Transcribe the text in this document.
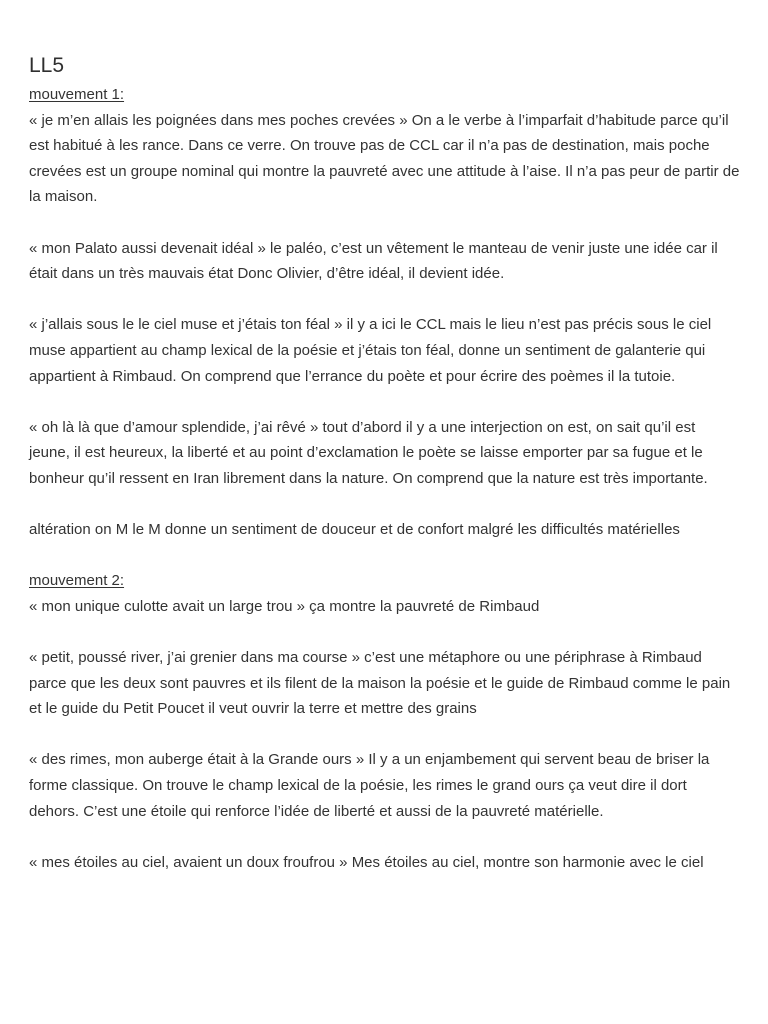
LL5

mouvement 1:

« je m’en allais les poignées dans mes poches crevées » On a le verbe à l’imparfait d’habitude parce qu’il est habitué à les rance. Dans ce verre. On trouve pas de CCL car il n’a pas de destination, mais poche crevées est un groupe nominal qui montre la pauvreté avec une attitude à l’aise. Il n’a pas peur de partir de la maison.

« mon Palato aussi devenait idéal » le paléo, c’est un vêtement le manteau de venir juste une idée car il était dans un très mauvais état Donc Olivier, d’être idéal, il devient idée.

« j’allais sous le le ciel muse et j’étais ton féal » il y a ici le CCL mais le lieu n’est pas précis sous le ciel muse appartient au champ lexical de la poésie et j’étais ton féal, donne un sentiment de galanterie qui appartient à Rimbaud. On comprend que l’errance du poète et pour écrire des poèmes il la tutoie.

« oh là là que d’amour splendide, j’ai rêvé » tout d’abord il y a une interjection on est, on sait qu’il est jeune, il est heureux, la liberté et au point d’exclamation le poète se laisse emporter par sa fugue et le bonheur qu’il ressent en Iran librement dans la nature. On comprend que la nature est très importante.

altération on M le M donne un sentiment de douceur et de confort malgré les difficultés matérielles

mouvement 2:

« mon unique culotte avait un large trou » ça montre la pauvreté de Rimbaud

« petit, poussé river, j’ai grenier dans ma course » c’est une métaphore ou une périphrase à Rimbaud parce que les deux sont pauvres et ils filent de la maison la poésie et le guide de Rimbaud comme le pain et le guide du Petit Poucet il veut ouvrir la terre et mettre des grains

« des rimes, mon auberge était à la Grande ours » Il y a un enjambement qui servent beau de briser la forme classique. On trouve le champ lexical de la poésie, les rimes le grand ours ça veut dire il dort dehors. C’est une étoile qui renforce l’idée de liberté et aussi de la pauvreté matérielle.

« mes étoiles au ciel, avaient un doux froufrou » Mes étoiles au ciel, montre son harmonie avec le ciel
